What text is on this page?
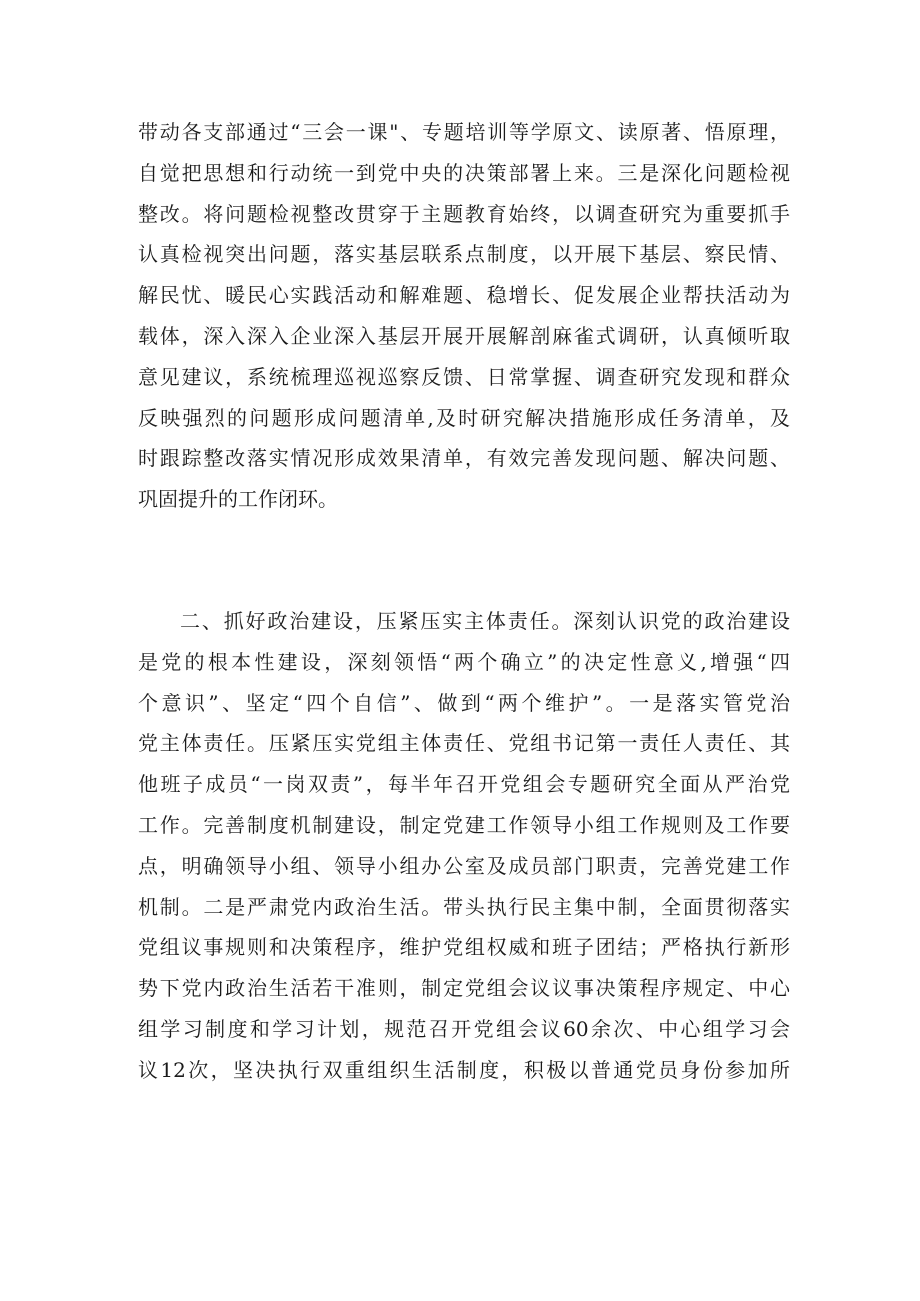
带动各支部通过“三会一课"、专题培训等学原文、读原著、悟原理，
自觉把思想和行动统一到党中央的决策部署上来。三是深化问题检视
整改。将问题检视整改贯穿于主题教育始终，以调查研究为重要抓手
认真检视突出问题，落实基层联系点制度，以开展下基层、察民情、
解民忧、暖民心实践活动和解难题、稳增长、促发展企业帮扶活动为
载体，深入深入企业深入基层开展开展解剖麻雀式调研，认真倾听取
意见建议，系统梳理巡视巡察反馈、日常掌握、调查研究发现和群众
反映强烈的问题形成问题清单,及时研究解决措施形成任务清单，及
时跟踪整改落实情况形成效果清单，有效完善发现问题、解决问题、
巩固提升的工作闭环。
二、抓好政治建设，压紧压实主体责任。深刻认识党的政治建设
是党的根本性建设，深刻领悟“两个确立”的决定性意义,增强“四
个意识”、坚定“四个自信”、做到“两个维护”。一是落实管党治
党主体责任。压紧压实党组主体责任、党组书记第一责任人责任、其
他班子成员“一岗双责”，每半年召开党组会专题研究全面从严治党
工作。完善制度机制建设，制定党建工作领导小组工作规则及工作要
点，明确领导小组、领导小组办公室及成员部门职责，完善党建工作
机制。二是严肃党内政治生活。带头执行民主集中制，全面贯彻落实
党组议事规则和决策程序，维护党组权威和班子团结；严格执行新形
势下党内政治生活若干准则，制定党组会议议事决策程序规定、中心
组学习制度和学习计划，规范召开党组会议60余次、中心组学习会
议12次，坚决执行双重组织生活制度，积极以普通党员身份参加所
